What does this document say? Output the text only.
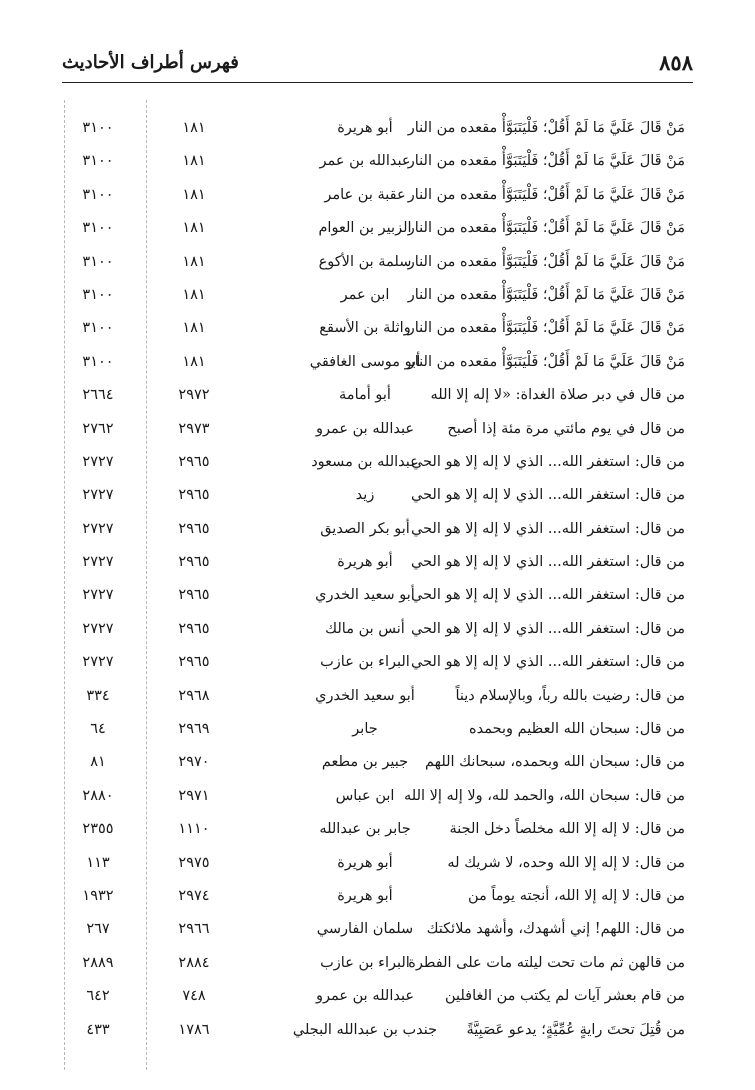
٨٥٨
فهرس أطراف الأحاديث
مَنْ قَالَ عَلَيَّ مَا لَمْ أَقُلْ؛ فَلْيَتَبَوَّأْ مقعده من النار
أبو هريرة
١٨١
٣١٠٠
مَنْ قَالَ عَلَيَّ مَا لَمْ أَقُلْ؛ فَلْيَتَبَوَّأْ مقعده من النار
عبدالله بن عمر
١٨١
٣١٠٠
مَنْ قَالَ عَلَيَّ مَا لَمْ أَقُلْ؛ فَلْيَتَبَوَّأْ مقعده من النار
عقبة بن عامر
١٨١
٣١٠٠
مَنْ قَالَ عَلَيَّ مَا لَمْ أَقُلْ؛ فَلْيَتَبَوَّأْ مقعده من النار
الزبير بن العوام
١٨١
٣١٠٠
مَنْ قَالَ عَلَيَّ مَا لَمْ أَقُلْ؛ فَلْيَتَبَوَّأْ مقعده من النار
سلمة بن الأكوع
١٨١
٣١٠٠
مَنْ قَالَ عَلَيَّ مَا لَمْ أَقُلْ؛ فَلْيَتَبَوَّأْ مقعده من النار
ابن عمر
١٨١
٣١٠٠
مَنْ قَالَ عَلَيَّ مَا لَمْ أَقُلْ؛ فَلْيَتَبَوَّأْ مقعده من النار
واثلة بن الأسقع
١٨١
٣١٠٠
مَنْ قَالَ عَلَيَّ مَا لَمْ أَقُلْ؛ فَلْيَتَبَوَّأْ مقعده من النار
أبو موسى الغافقي
١٨١
٣١٠٠
من قال في دبر صلاة الغداة: «لا إله إلا الله
أبو أمامة
٢٩٧٢
٢٦٦٤
من قال في يوم مائتي مرة مئة إذا أصبح
عبدالله بن عمرو
٢٩٧٣
٢٧٦٢
من قال: استغفر الله... الذي لا إله إلا هو الحي
عبدالله بن مسعود
٢٩٦٥
٢٧٢٧
من قال: استغفر الله... الذي لا إله إلا هو الحي
زيد
٢٩٦٥
٢٧٢٧
من قال: استغفر الله... الذي لا إله إلا هو الحي
أبو بكر الصديق
٢٩٦٥
٢٧٢٧
من قال: استغفر الله... الذي لا إله إلا هو الحي
أبو هريرة
٢٩٦٥
٢٧٢٧
من قال: استغفر الله... الذي لا إله إلا هو الحي
أبو سعيد الخدري
٢٩٦٥
٢٧٢٧
من قال: استغفر الله... الذي لا إله إلا هو الحي
أنس بن مالك
٢٩٦٥
٢٧٢٧
من قال: استغفر الله... الذي لا إله إلا هو الحي
البراء بن عازب
٢٩٦٥
٢٧٢٧
من قال: رضيت بالله رباً، وبالإسلام ديناً
أبو سعيد الخدري
٢٩٦٨
٣٣٤
من قال: سبحان الله العظيم وبحمده
جابر
٢٩٦٩
٦٤
من قال: سبحان الله وبحمده، سبحانك اللهم
جبير بن مطعم
٢٩٧٠
٨١
من قال: سبحان الله، والحمد لله، ولا إله إلا الله
ابن عباس
٢٩٧١
٢٨٨٠
من قال: لا إله إلا الله مخلصاً دخل الجنة
جابر بن عبدالله
١١١٠
٢٣٥٥
من قال: لا إله إلا الله وحده، لا شريك له
أبو هريرة
٢٩٧٥
١١٣
من قال: لا إله إلا الله، أنجته يوماً من
أبو هريرة
٢٩٧٤
١٩٣٢
من قال: اللهم! إني أشهدك، وأشهد ملائكتك
سلمان الفارسي
٢٩٦٦
٢٦٧
من قالهن ثم مات تحت ليلته مات على الفطرة
البراء بن عازب
٢٨٨٤
٢٨٨٩
من قام بعشر آيات لم يكتب من الغافلين
عبدالله بن عمرو
٧٤٨
٦٤٢
من قُتِلَ تحتَ رايةٍ عُمِّيَّةٍ؛ يدعو عَصَبِيَّةً
جندب بن عبدالله البجلي
١٧٨٦
٤٣٣
